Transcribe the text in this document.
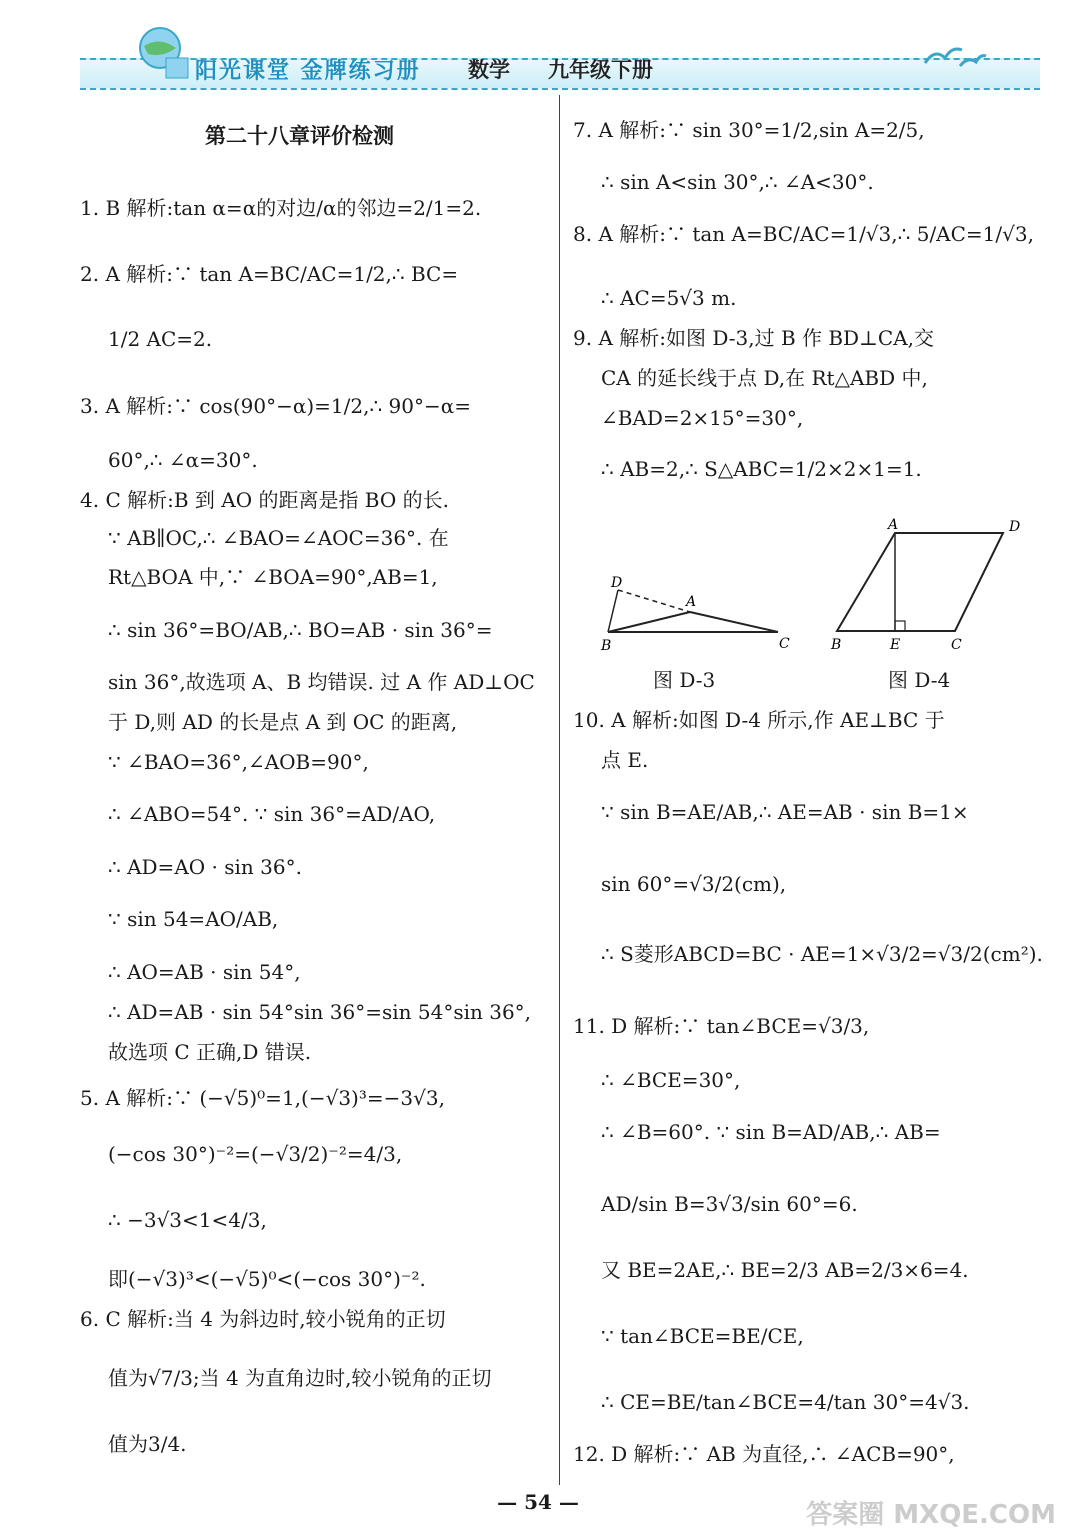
阳光课堂 金牌练习册 数学 九年级下册
第二十八章评价检测
1. B 解析:tan α=α的对边/α的邻边=2/1=2.
2. A 解析:∵ tan A=BC/AC=1/2,∴ BC=
1/2 AC=2.
3. A 解析:∵ cos(90°−α)=1/2,∴ 90°−α=
60°,∴ ∠α=30°.
4. C 解析:B 到 AO 的距离是指 BO 的长.
∵ AB∥OC,∴ ∠BAO=∠AOC=36°. 在
Rt△BOA 中,∵ ∠BOA=90°,AB=1,
∴ sin 36°=BO/AB,∴ BO=AB · sin 36°=
sin 36°,故选项 A、B 均错误. 过 A 作 AD⊥OC
于 D,则 AD 的长是点 A 到 OC 的距离,
∵ ∠BAO=36°,∠AOB=90°,
∴ ∠ABO=54°. ∵ sin 36°=AD/AO,
∴ AD=AO · sin 36°.
∵ sin 54=AO/AB,
∴ AO=AB · sin 54°,
∴ AD=AB · sin 54°sin 36°=sin 54°sin 36°,
故选项 C 正确,D 错误.
5. A 解析:∵ (−√5)⁰=1,(−√3)³=−3√3,
(−cos 30°)⁻²=(−√3/2)⁻²=4/3,
∴ −3√3<1<4/3,
即(−√3)³<(−√5)⁰<(−cos 30°)⁻².
6. C 解析:当 4 为斜边时,较小锐角的正切
值为√7/3;当 4 为直角边时,较小锐角的正切
值为3/4.
7. A 解析:∵ sin 30°=1/2,sin A=2/5,
∴ sin A<sin 30°,∴ ∠A<30°.
8. A 解析:∵ tan A=BC/AC=1/√3,∴ 5/AC=1/√3,
∴ AC=5√3 m.
9. A 解析:如图 D-3,过 B 作 BD⊥CA,交
CA 的延长线于点 D,在 Rt△ABD 中,
∠BAD=2×15°=30°,
∴ AB=2,∴ S△ABC=1/2×2×1=1.
D
A
B	C
图 D-3
A	D
B	E	C
图 D-4
10. A 解析:如图 D-4 所示,作 AE⊥BC 于
点 E.
∵ sin B=AE/AB,∴ AE=AB · sin B=1×
sin 60°=√3/2(cm),
∴ S菱形ABCD=BC · AE=1×√3/2=√3/2(cm²).
11. D 解析:∵ tan∠BCE=√3/3,
∴ ∠BCE=30°,
∴ ∠B=60°. ∵ sin B=AD/AB,∴ AB=
AD/sin B=3√3/sin 60°=6.
又 BE=2AE,∴ BE=2/3 AB=2/3×6=4.
∵ tan∠BCE=BE/CE,
∴ CE=BE/tan∠BCE=4/tan 30°=4√3.
12. D 解析:∵ AB 为直径,∴ ∠ACB=90°,
— 54 —	答案圈 MXQE.COM
